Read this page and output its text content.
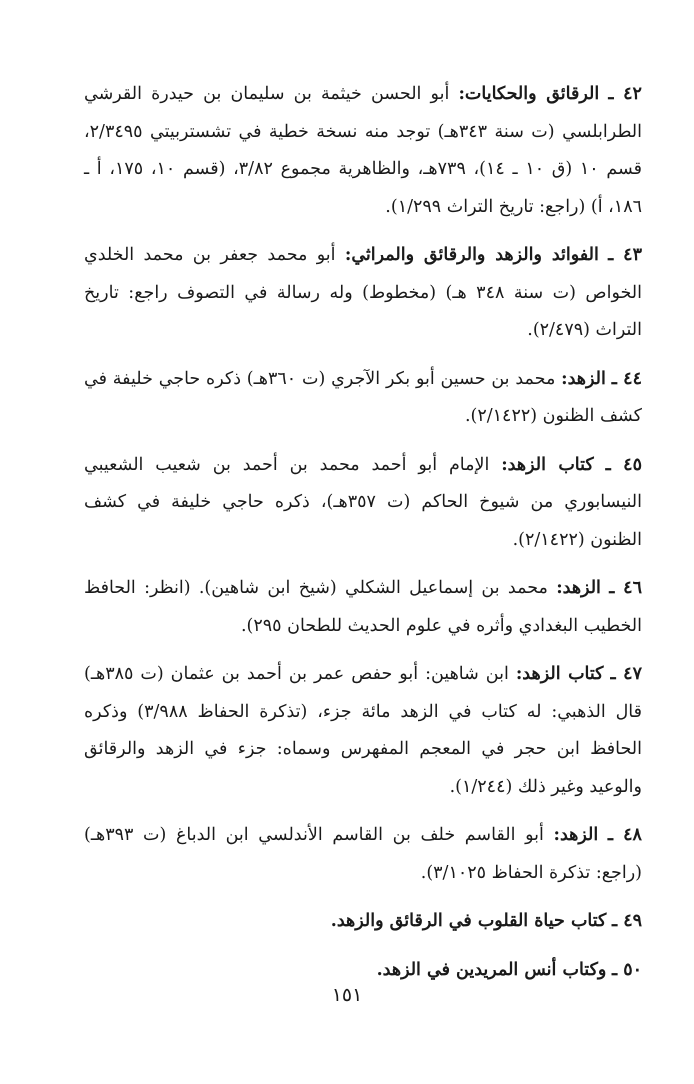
٤٢ ـ الرقائق والحكايات: أبو الحسن خيثمة بن سليمان بن حيدرة القرشي الطرابلسي (ت سنة ٣٤٣هـ) توجد منه نسخة خطية في تشستربيتي ٢/٣٤٩٥، قسم ١٠ (ق ١٠ ـ ١٤)، ٧٣٩هـ، والظاهرية مجموع ٣/٨٢، (قسم ١٠، ١٧٥، أ ـ ١٨٦، أ) (راجع: تاريخ التراث ١/٢٩٩).

٤٣ ـ الفوائد والزهد والرقائق والمراثي: أبو محمد جعفر بن محمد الخلدي الخواص (ت سنة ٣٤٨ هـ) (مخطوط) وله رسالة في التصوف راجع: تاريخ التراث (٢/٤٧٩).

٤٤ ـ الزهد: محمد بن حسين أبو بكر الآجري (ت ٣٦٠هـ) ذكره حاجي خليفة في كشف الظنون (٢/١٤٢٢).

٤٥ ـ كتاب الزهد: الإمام أبو أحمد محمد بن أحمد بن شعيب الشعيبي النيسابوري من شيوخ الحاكم (ت ٣٥٧هـ)، ذكره حاجي خليفة في كشف الظنون (٢/١٤٢٢).

٤٦ ـ الزهد: محمد بن إسماعيل الشكلي (شيخ ابن شاهين). (انظر: الحافظ الخطيب البغدادي وأثره في علوم الحديث للطحان ٢٩٥).

٤٧ ـ كتاب الزهد: ابن شاهين: أبو حفص عمر بن أحمد بن عثمان (ت ٣٨٥هـ) قال الذهبي: له كتاب في الزهد مائة جزء، (تذكرة الحفاظ ٣/٩٨٨) وذكره الحافظ ابن حجر في المعجم المفهرس وسماه: جزء في الزهد والرقائق والوعيد وغير ذلك (١/٢٤٤).

٤٨ ـ الزهد: أبو القاسم خلف بن القاسم الأندلسي ابن الدباغ (ت ٣٩٣هـ) (راجع: تذكرة الحفاظ ٣/١٠٢٥).

٤٩ ـ كتاب حياة القلوب في الرقائق والزهد.

٥٠ ـ وكتاب أنس المريدين في الزهد.

١٥١
